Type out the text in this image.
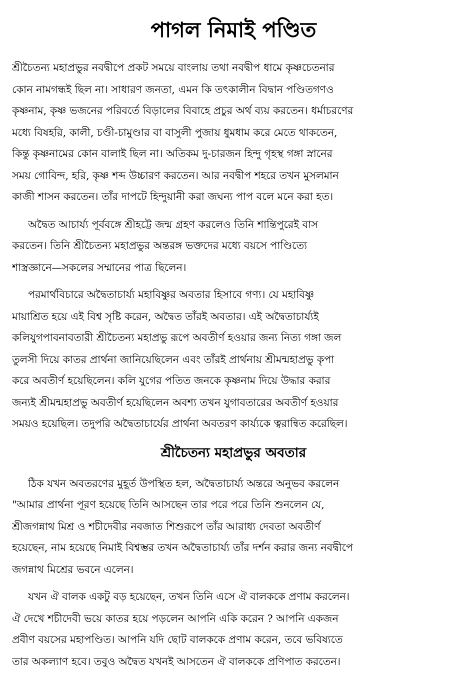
পাগল নিমাই পণ্ডিত
শ্রীচৈতন্য মহাপ্রভুর নবদ্বীপে প্রকট সময়ে বাংলায় তথা নবদ্বীপ ধামে কৃষ্ণচেতনার
কোন নামগন্ধই ছিল না। সাধারণ জনতা, এমন কি তৎকালীন বিদ্বান পণ্ডিতগণও
কৃষ্ণনাম, কৃষ্ণ ভজনের পরিবর্তে বিড়ালের বিবাহে প্রচুর অর্থ ব্যয় করতেন। ধর্মাচরণের
মধ্যে বিষহরি, কালী, চণ্ডী-চামুণ্ডার বা বাসুলী পুজায় ধুমধাম করে মেতে থাকতেন,
কিন্তু কৃষ্ণনামের কোন বালাই ছিল না। অতিকম দু-চারজন হিন্দু গৃহস্থ গঙ্গা স্নানের
সময় গোবিন্দ, হরি, কৃষ্ণ শব্দ উচ্চারণ করতেন। আর নবদ্বীপ শহরে তখন মুসলমান
কাজী শাসন করতেন। তাঁর দাপটে হিন্দুয়ানী করা জঘন্য পাপ বলে মনে করা হত।
অদ্বৈত আচার্য্য পূর্ববঙ্গে শ্রীহট্টে জন্ম গ্রহণ করলেও তিনি শান্তিপুরেই বাস
করতেন। তিনি শ্রীচৈতন্য মহাপ্রভুর অন্তরঙ্গ ভক্তদের মধ্যে বয়সে পাণ্ডিত্যে
শাস্ত্রজ্ঞানে—সকলের সম্মানের পাত্র ছিলেন।
পরমার্থবিচারে অদ্বৈতাচার্য্য মহাবিষ্ণুর অবতার হিসাবে গণ্য। যে মহাবিষ্ণু
মায়াশ্রিত হয়ে এই বিশ্ব সৃষ্টি করেন, অদ্বৈত তাঁরই অবতার। এই অদ্বৈতাচার্য্যই
কলিযুগপাবনাবতারী শ্রীচৈতন্য মহাপ্রভু রূপে অবতীর্ণ হওয়ার জন্য নিত্য গঙ্গা জল
তুলসী দিয়ে কাতর প্রার্থনা জানিয়েছিলেন এবং তাঁরই প্রার্থনায় শ্রীমন্মহাপ্রভু কৃপা
করে অবতীর্ণ হয়েছিলেন। কলি যুগের পতিত জনকে কৃষ্ণনাম দিয়ে উদ্ধার করার
জন্যই শ্রীমন্মহাপ্রভু অবতীর্ণ হয়েছিলেন অবশ্য তখন যুগাবতারের অবতীর্ণ হওয়ার
সময়ও হয়েছিল। তদুপরি অদ্বৈতাচার্যের প্রার্থনা অবতরণ কার্য্যকে ত্বরান্বিত করেছিল।
শ্রীচৈতন্য মহাপ্রভুর অবতার
ঠিক যখন অবতরণের মুহূর্ত উপস্থিত হল, অদ্বৈতাচার্য্য অন্তরে অনুভব করলেন
"আমার প্রার্থনা পূরণ হয়েছে তিনি আসছেন তার পরে পরে তিনি শুনলেন যে,
শ্রীজগন্নাথ মিশ্র ও শচীদেবীর নবজাত শিশুরূপে তাঁর আরাধ্য দেবতা অবতীর্ণ
হয়েছেন, নাম হয়েছে নিমাই বিশ্বম্ভর তখন অদ্বৈতাচার্য্য তাঁর দর্শন করার জন্য নবদ্বীপে
জগন্নাথ মিশ্রের ভবনে এলেন।
যখন ঐ বালক একটু বড় হয়েছেন, তখন তিনি এসে ঐ বালককে প্রণাম করলেন।
ঐ দেখে শচীদেবী ভয়ে কাতর হয়ে পড়লেন আপনি একি করেন ? আপনি একজন
প্রবীণ বয়সের মহাপণ্ডিত। আপনি যদি ছোট বালককে প্রণাম করেন, তবে ভবিষ্যতে
তার অকল্যাণ হবে। তবুও অদ্বৈত যখনই আসতেন ঐ বালককে প্রণিপাত করতেন।
